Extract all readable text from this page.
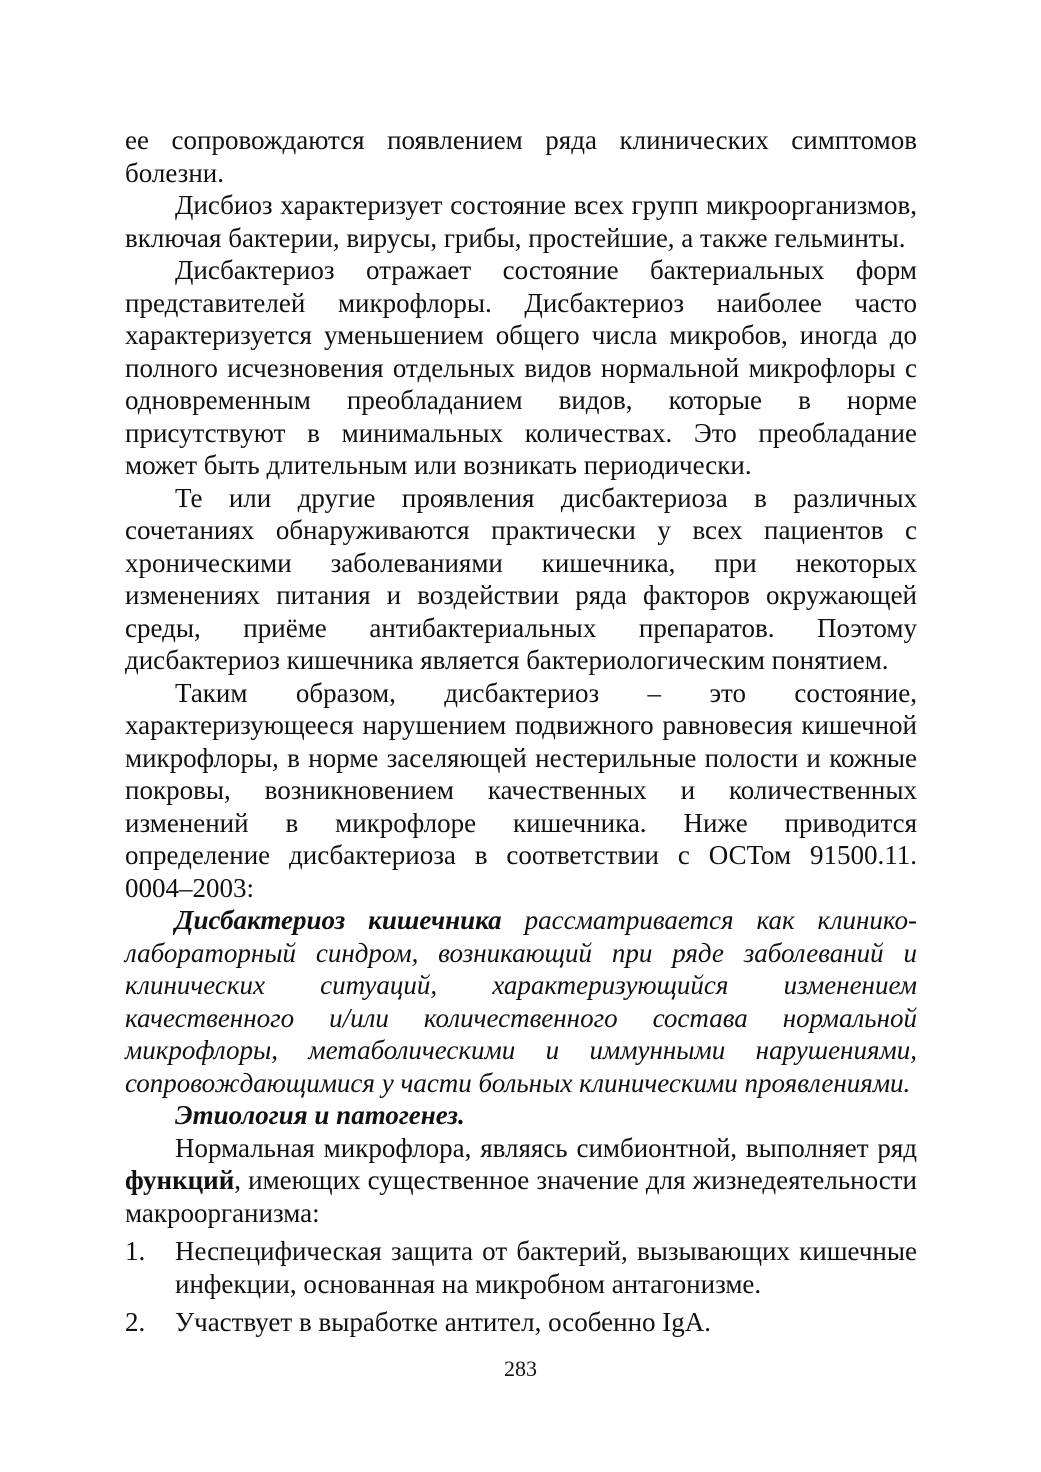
ее сопровождаются появлением ряда клинических симптомов болезни.

Дисбиоз характеризует состояние всех групп микроорганизмов, включая бактерии, вирусы, грибы, простейшие, а также гельминты.

Дисбактериоз отражает состояние бактериальных форм представителей микрофлоры. Дисбактериоз наиболее часто характеризуется уменьшением общего числа микробов, иногда до полного исчезновения отдельных видов нормальной микрофлоры с одновременным преобладанием видов, которые в норме присутствуют в минимальных количествах. Это преобладание может быть длительным или возникать периодически.

Те или другие проявления дисбактериоза в различных сочетаниях обнаруживаются практически у всех пациентов с хроническими заболеваниями кишечника, при некоторых изменениях питания и воздействии ряда факторов окружающей среды, приёме антибактериальных препаратов. Поэтому дисбактериоз кишечника является бактериологическим понятием.

Таким образом, дисбактериоз – это состояние, характеризующееся нарушением подвижного равновесия кишечной микрофлоры, в норме заселяющей нестерильные полости и кожные покровы, возникновением качественных и количественных изменений в микрофлоре кишечника. Ниже приводится определение дисбактериоза в соответствии с ОСТом 91500.11. 0004–2003:

Дисбактериоз кишечника рассматривается как клинико-лабораторный синдром, возникающий при ряде заболеваний и клинических ситуаций, характеризующийся изменением качественного и/или количественного состава нормальной микрофлоры, метаболическими и иммунными нарушениями, сопровождающимися у части больных клиническими проявлениями.

Этиология и патогенез.

Нормальная микрофлора, являясь симбионтной, выполняет ряд функций, имеющих существенное значение для жизнедеятельности макроорганизма:

1. Неспецифическая защита от бактерий, вызывающих кишечные инфекции, основанная на микробном антагонизме.
2. Участвует в выработке антител, особенно IgA.
283
